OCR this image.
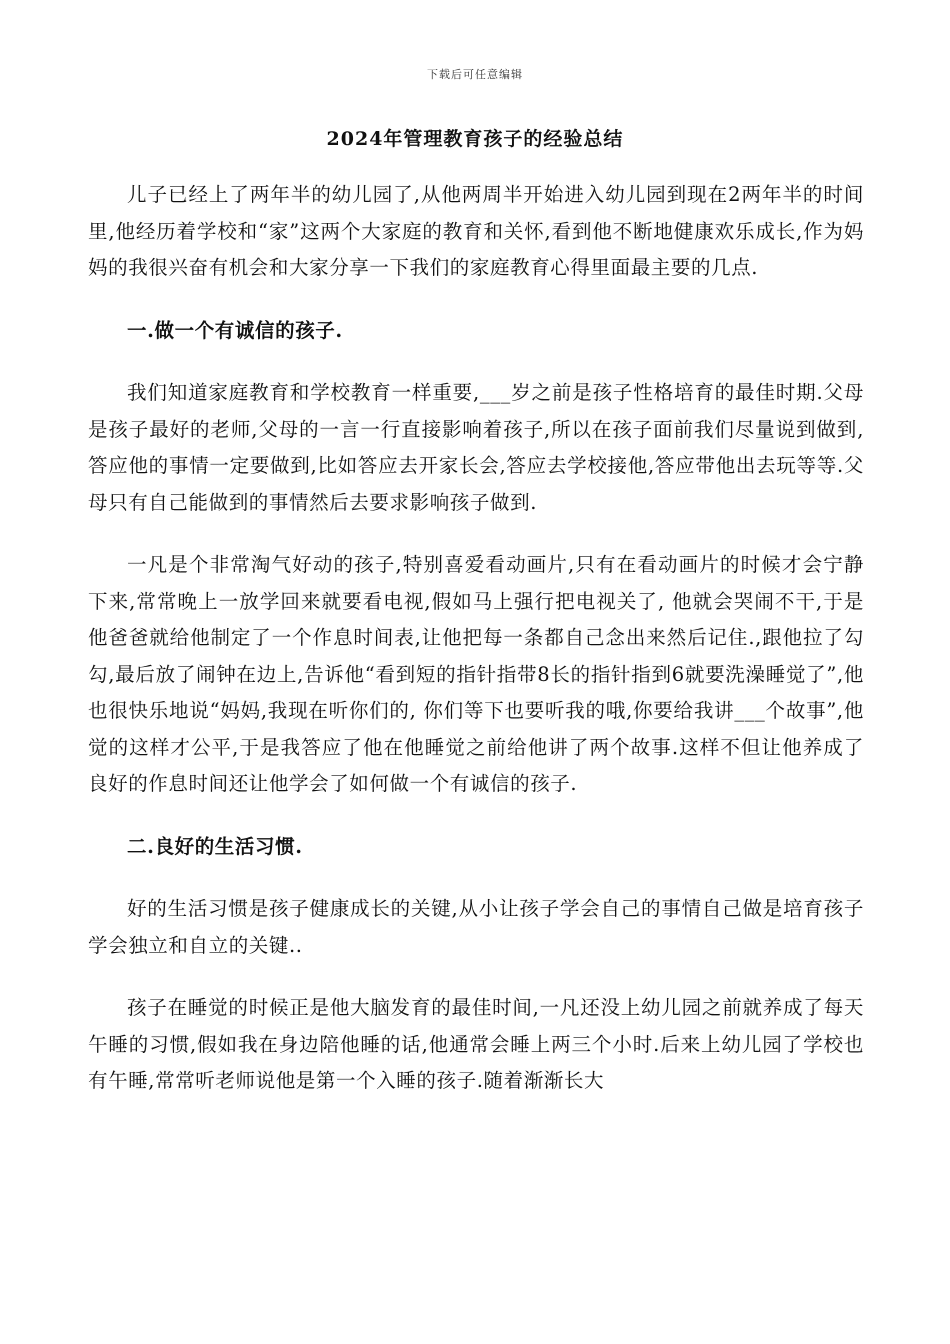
下载后可任意编辑
2024年管理教育孩子的经验总结

儿子已经上了两年半的幼儿园了,从他两周半开始进入幼儿园到现在2两年半的时间里,他经历着学校和“家”这两个大家庭的教育和关怀,看到他不断地健康欢乐成长,作为妈妈的我很兴奋有机会和大家分享一下我们的家庭教育心得里面最主要的几点.

一.做一个有诚信的孩子.

我们知道家庭教育和学校教育一样重要,___岁之前是孩子性格培育的最佳时期.父母是孩子最好的老师,父母的一言一行直接影响着孩子,所以在孩子面前我们尽量说到做到,答应他的事情一定要做到,比如答应去开家长会,答应去学校接他,答应带他出去玩等等.父母只有自己能做到的事情然后去要求影响孩子做到.

一凡是个非常淘气好动的孩子,特别喜爱看动画片,只有在看动画片的时候才会宁静下来,常常晚上一放学回来就要看电视,假如马上强行把电视关了, 他就会哭闹不干,于是他爸爸就给他制定了一个作息时间表,让他把每一条都自己念出来然后记住.,跟他拉了勾勾,最后放了闹钟在边上,告诉他“看到短的指针指带8长的指针指到6就要洗澡睡觉了”,他也很快乐地说“妈妈,我现在听你们的, 你们等下也要听我的哦,你要给我讲___个故事”,他觉的这样才公平,于是我答应了他在他睡觉之前给他讲了两个故事.这样不但让他养成了良好的作息时间还让他学会了如何做一个有诚信的孩子.

二.良好的生活习惯.

好的生活习惯是孩子健康成长的关键,从小让孩子学会自己的事情自己做是培育孩子学会独立和自立的关键..

孩子在睡觉的时候正是他大脑发育的最佳时间,一凡还没上幼儿园之前就养成了每天午睡的习惯,假如我在身边陪他睡的话,他通常会睡上两三个小时.后来上幼儿园了学校也有午睡,常常听老师说他是第一个入睡的孩子.随着渐渐长大
